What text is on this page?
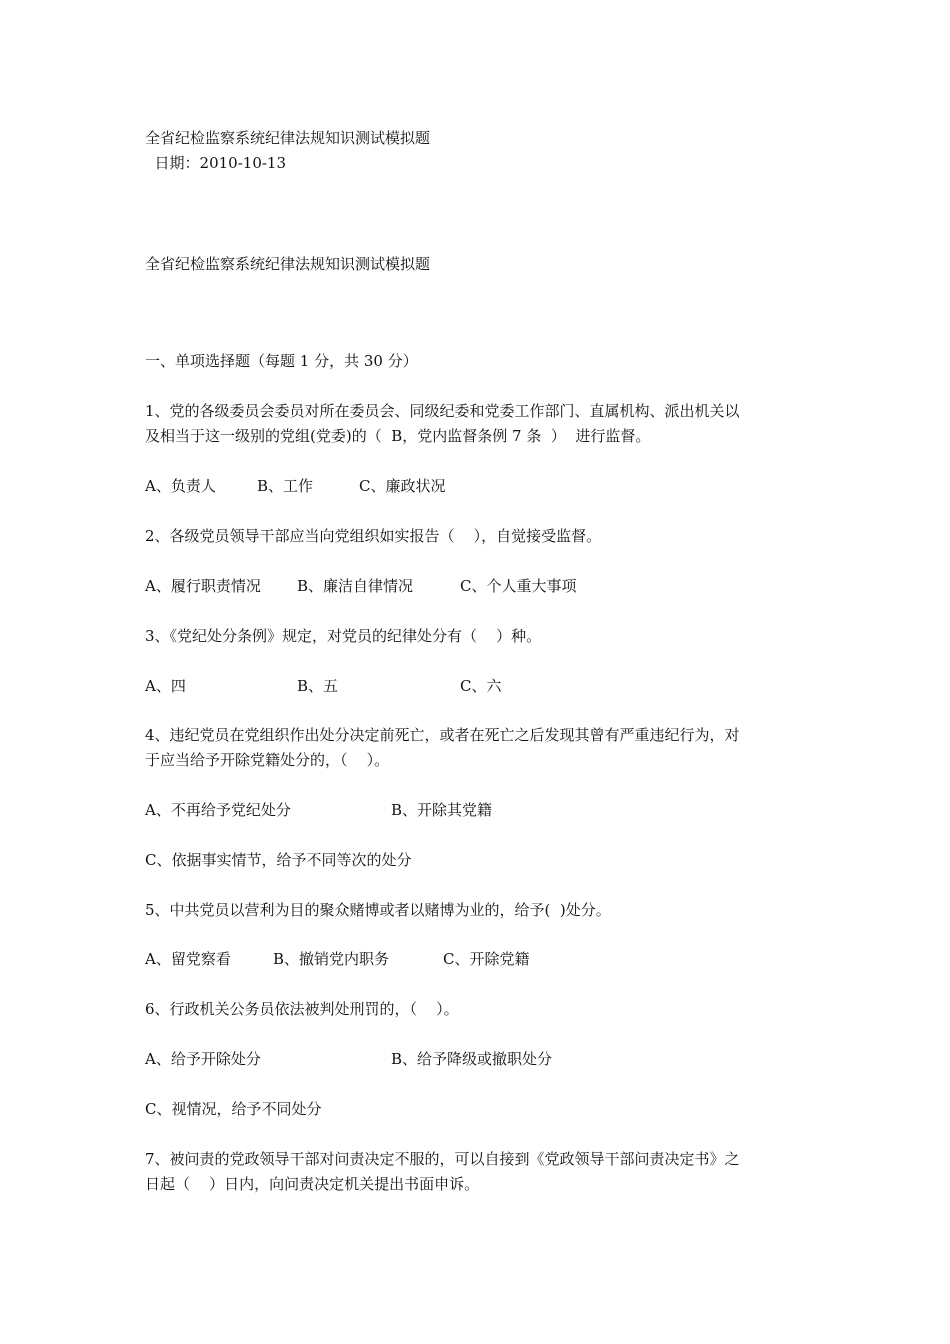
全省纪检监察系统纪律法规知识测试模拟题
日期：2010-10-13
全省纪检监察系统纪律法规知识测试模拟题
一、单项选择题（每题 1 分，共 30 分）
1、党的各级委员会委员对所在委员会、同级纪委和党委工作部门、直属机构、派出机关以
及相当于这一级别的党组(党委)的（  B，党内监督条例 7 条  ）  进行监督。
A、负责人	B、工作	C、廉政状况
2、各级党员领导干部应当向党组织如实报告（    ），自觉接受监督。
A、履行职责情况 B、廉洁自律情况	C、个人重大事项
3、《党纪处分条例》规定，对党员的纪律处分有（    ）种。
A、四	B、五	C、六
4、违纪党员在党组织作出处分决定前死亡，或者在死亡之后发现其曾有严重违纪行为，对
于应当给予开除党籍处分的，（    ）。
A、不再给予党纪处分	B、开除其党籍
C、依据事实情节，给予不同等次的处分
5、中共党员以营利为目的聚众赌博或者以赌博为业的，给予(  )处分。
A、留党察看	B、撤销党内职务	C、开除党籍
6、行政机关公务员依法被判处刑罚的，（    ）。
A、给予开除处分	B、给予降级或撤职处分
C、视情况，给予不同处分
7、被问责的党政领导干部对问责决定不服的，可以自接到《党政领导干部问责决定书》之
日起（    ）日内，向问责决定机关提出书面申诉。
